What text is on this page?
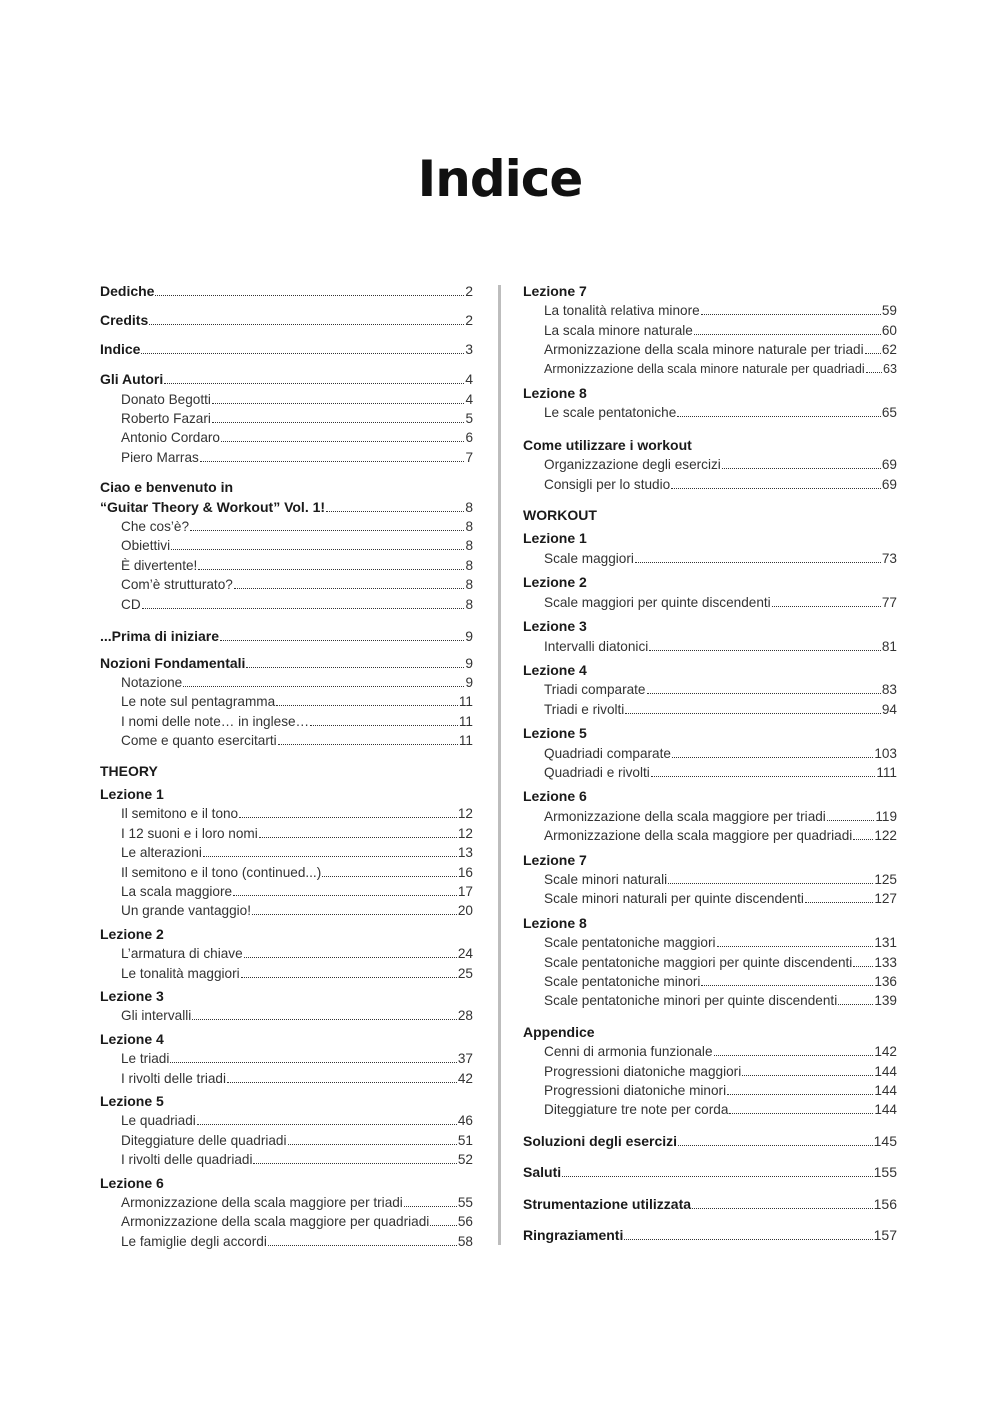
Indice
Dediche	2
Credits	2
Indice	3
Gli Autori	4
Donato Begotti	4
Roberto Fazari	5
Antonio Cordaro	6
Piero Marras	7
Ciao e benvenuto in
“Guitar Theory & Workout” Vol. 1!	8
Che cos’è?	8
Obiettivi	8
È divertente!	8
Com’è strutturato?	8
CD	8
...Prima di iniziare	9
Nozioni Fondamentali	9
Notazione	9
Le note sul pentagramma	11
I nomi delle note… in inglese…	11
Come e quanto esercitarti	11
THEORY
Lezione 1
Il semitono e il tono	12
I 12 suoni e i loro nomi	12
Le alterazioni	13
Il semitono e il tono (continued...)	16
La scala maggiore	17
Un grande vantaggio!	20
Lezione 2
L’armatura di chiave	24
Le tonalità maggiori	25
Lezione 3
Gli intervalli	28
Lezione 4
Le triadi	37
I rivolti delle triadi	42
Lezione 5
Le quadriadi	46
Diteggiature delle quadriadi	51
I rivolti delle quadriadi	52
Lezione 6
Armonizzazione della scala maggiore per triadi	55
Armonizzazione della scala maggiore per quadriadi 56
Le famiglie degli accordi	58
Lezione 7
La tonalità relativa minore	59
La scala minore naturale	60
Armonizzazione della scala minore naturale per triadi 62
Armonizzazione della scala minore naturale per quadriadi 63
Lezione 8
Le scale pentatoniche	65
Come utilizzare i workout
Organizzazione degli esercizi	69
Consigli per lo studio	69
WORKOUT
Lezione 1
Scale maggiori	73
Lezione 2
Scale maggiori per quinte discendenti	77
Lezione 3
Intervalli diatonici	81
Lezione 4
Triadi comparate	83
Triadi e rivolti	94
Lezione 5
Quadriadi comparate	103
Quadriadi e rivolti	111
Lezione 6
Armonizzazione della scala maggiore per triadi	119
Armonizzazione della scala maggiore per quadriadi 122
Lezione 7
Scale minori naturali	125
Scale minori naturali per quinte discendenti	127
Lezione 8
Scale pentatoniche maggiori	131
Scale pentatoniche maggiori per quinte discendenti 133
Scale pentatoniche minori	136
Scale pentatoniche minori per quinte discendenti	139
Appendice
Cenni di armonia funzionale	142
Progressioni diatoniche maggiori	144
Progressioni diatoniche minori	144
Diteggiature tre note per corda	144
Soluzioni degli esercizi	145
Saluti	155
Strumentazione utilizzata	156
Ringraziamenti	157
